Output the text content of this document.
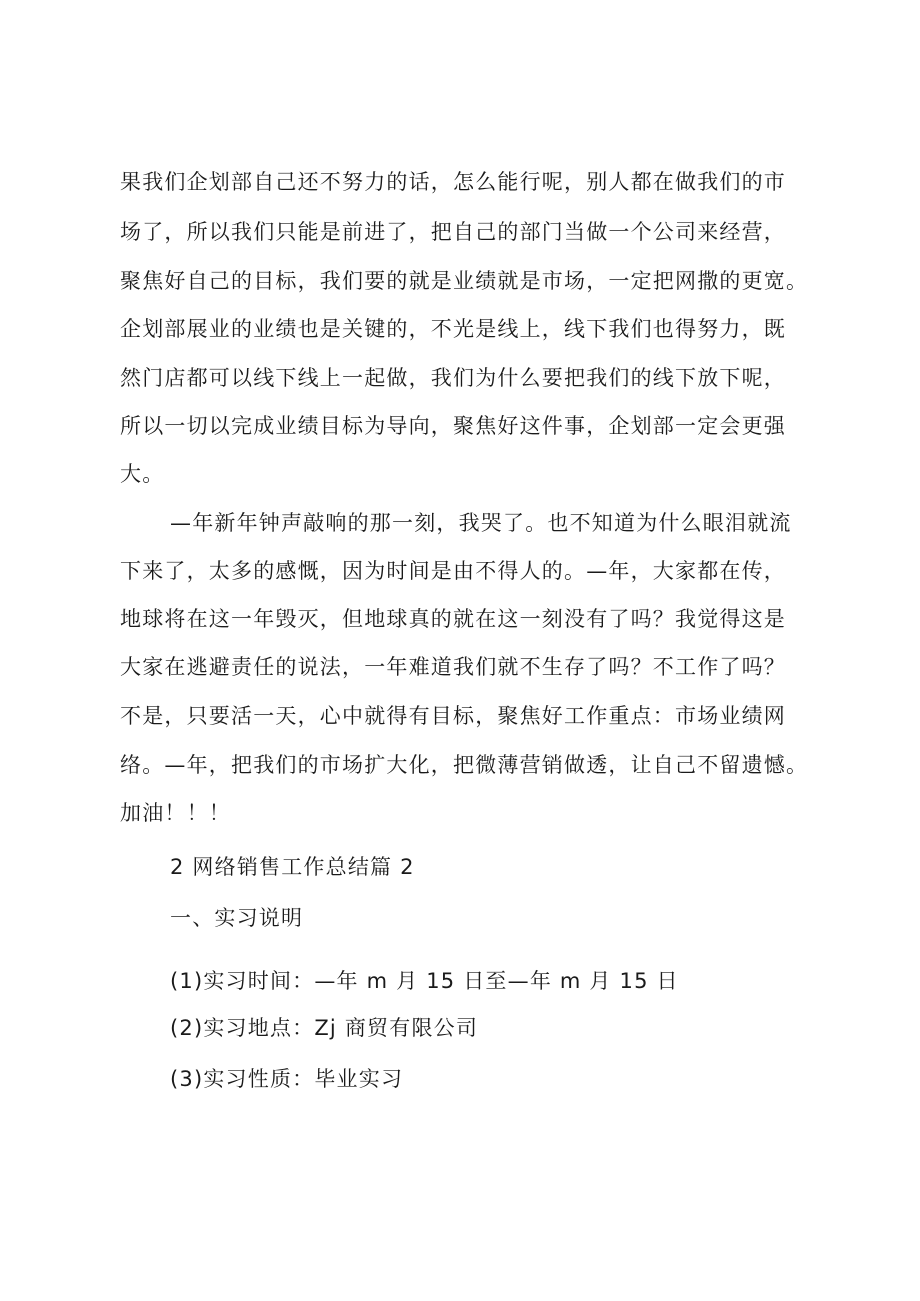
果我们企划部自己还不努力的话，怎么能行呢，别人都在做我们的市
场了，所以我们只能是前进了，把自己的部门当做一个公司来经营，
聚焦好自己的目标，我们要的就是业绩就是市场，一定把网撒的更宽。
企划部展业的业绩也是关键的，不光是线上，线下我们也得努力，既
然门店都可以线下线上一起做，我们为什么要把我们的线下放下呢，
所以一切以完成业绩目标为导向，聚焦好这件事，企划部一定会更强
大。
—年新年钟声敲响的那一刻，我哭了。也不知道为什么眼泪就流
下来了，太多的感慨，因为时间是由不得人的。—年，大家都在传，
地球将在这一年毁灭，但地球真的就在这一刻没有了吗？我觉得这是
大家在逃避责任的说法，一年难道我们就不生存了吗？不工作了吗？
不是，只要活一天，心中就得有目标，聚焦好工作重点：市场业绩网
络。—年，把我们的市场扩大化，把微薄营销做透，让自己不留遗憾。
加油！！！
2 网络销售工作总结篇 2
一、实习说明
(1)实习时间：—年 m 月 15 日至—年 m 月 15 日
(2)实习地点：Zj 商贸有限公司
(3)实习性质：毕业实习
